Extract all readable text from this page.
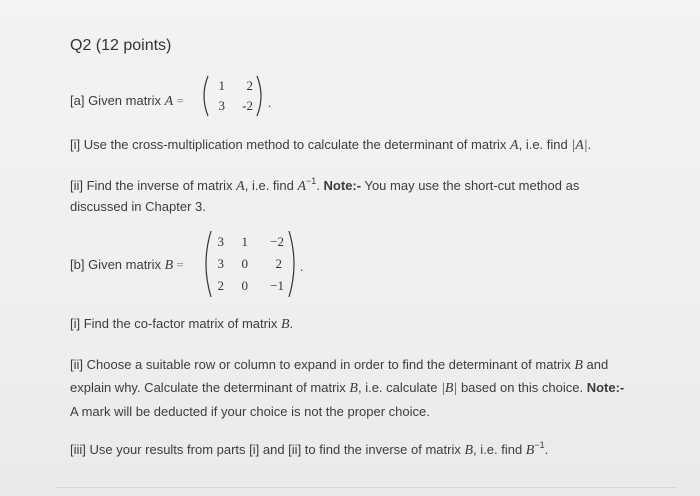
Q2 (12 points)
[a] Given matrix A =
1	2
3	-2 .
[i] Use the cross-multiplication method to calculate the determinant of matrix A, i.e. find |A|.
[ii] Find the inverse of matrix A, i.e. find $A^{-1}$. Note:- You may use the short-cut method as
discussed in Chapter 3.
[b] Given matrix B =
3	1	−2
3	0	2
2	0	−1
.
[i] Find the co-factor matrix of matrix B.
[ii] Choose a suitable row or column to expand in order to find the determinant of matrix B and
explain why. Calculate the determinant of matrix B, i.e. calculate |B| based on this choice. Note:-
A mark will be deducted if your choice is not the proper choice.
[iii] Use your results from parts [i] and [ii] to find the inverse of matrix B, i.e. find $B^{-1}$.
